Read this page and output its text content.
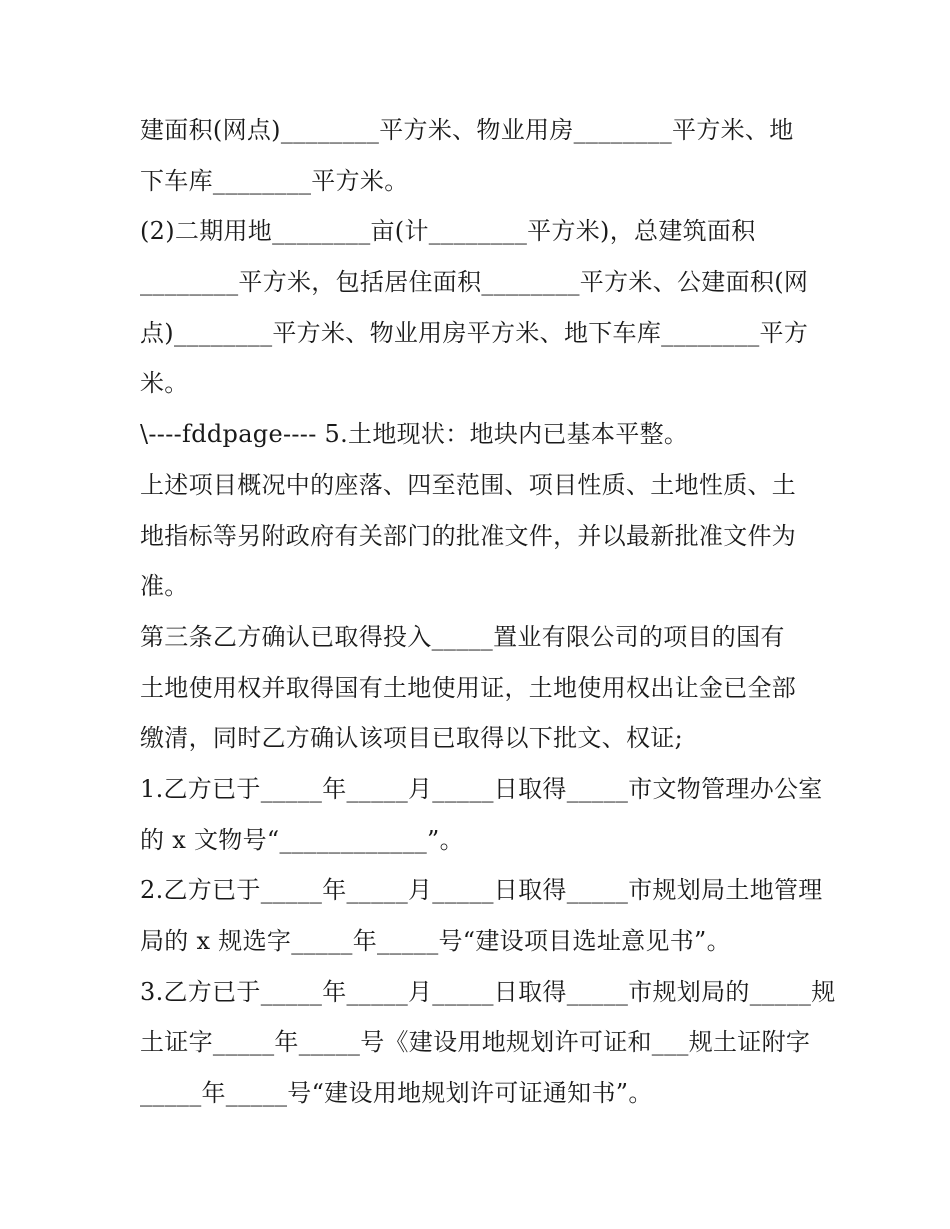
建面积(网点)________平方米、物业用房________平方米、地
下车库________平方米。
(2)二期用地________亩(计________平方米)，总建筑面积
________平方米，包括居住面积________平方米、公建面积(网
点)________平方米、物业用房平方米、地下车库________平方
米。
\----fddpage---- 5.土地现状：地块内已基本平整。
上述项目概况中的座落、四至范围、项目性质、土地性质、土
地指标等另附政府有关部门的批准文件，并以最新批准文件为
准。
第三条乙方确认已取得投入_____置业有限公司的项目的国有
土地使用权并取得国有土地使用证，土地使用权出让金已全部
缴清，同时乙方确认该项目已取得以下批文、权证;
1.乙方已于_____年_____月_____日取得_____市文物管理办公室
的 x 文物号“____________”。
2.乙方已于_____年_____月_____日取得_____市规划局土地管理
局的 x 规选字_____年_____号“建设项目选址意见书”。
3.乙方已于_____年_____月_____日取得_____市规划局的_____规
土证字_____年_____号《建设用地规划许可证和___规土证附字
_____年_____号“建设用地规划许可证通知书”。
